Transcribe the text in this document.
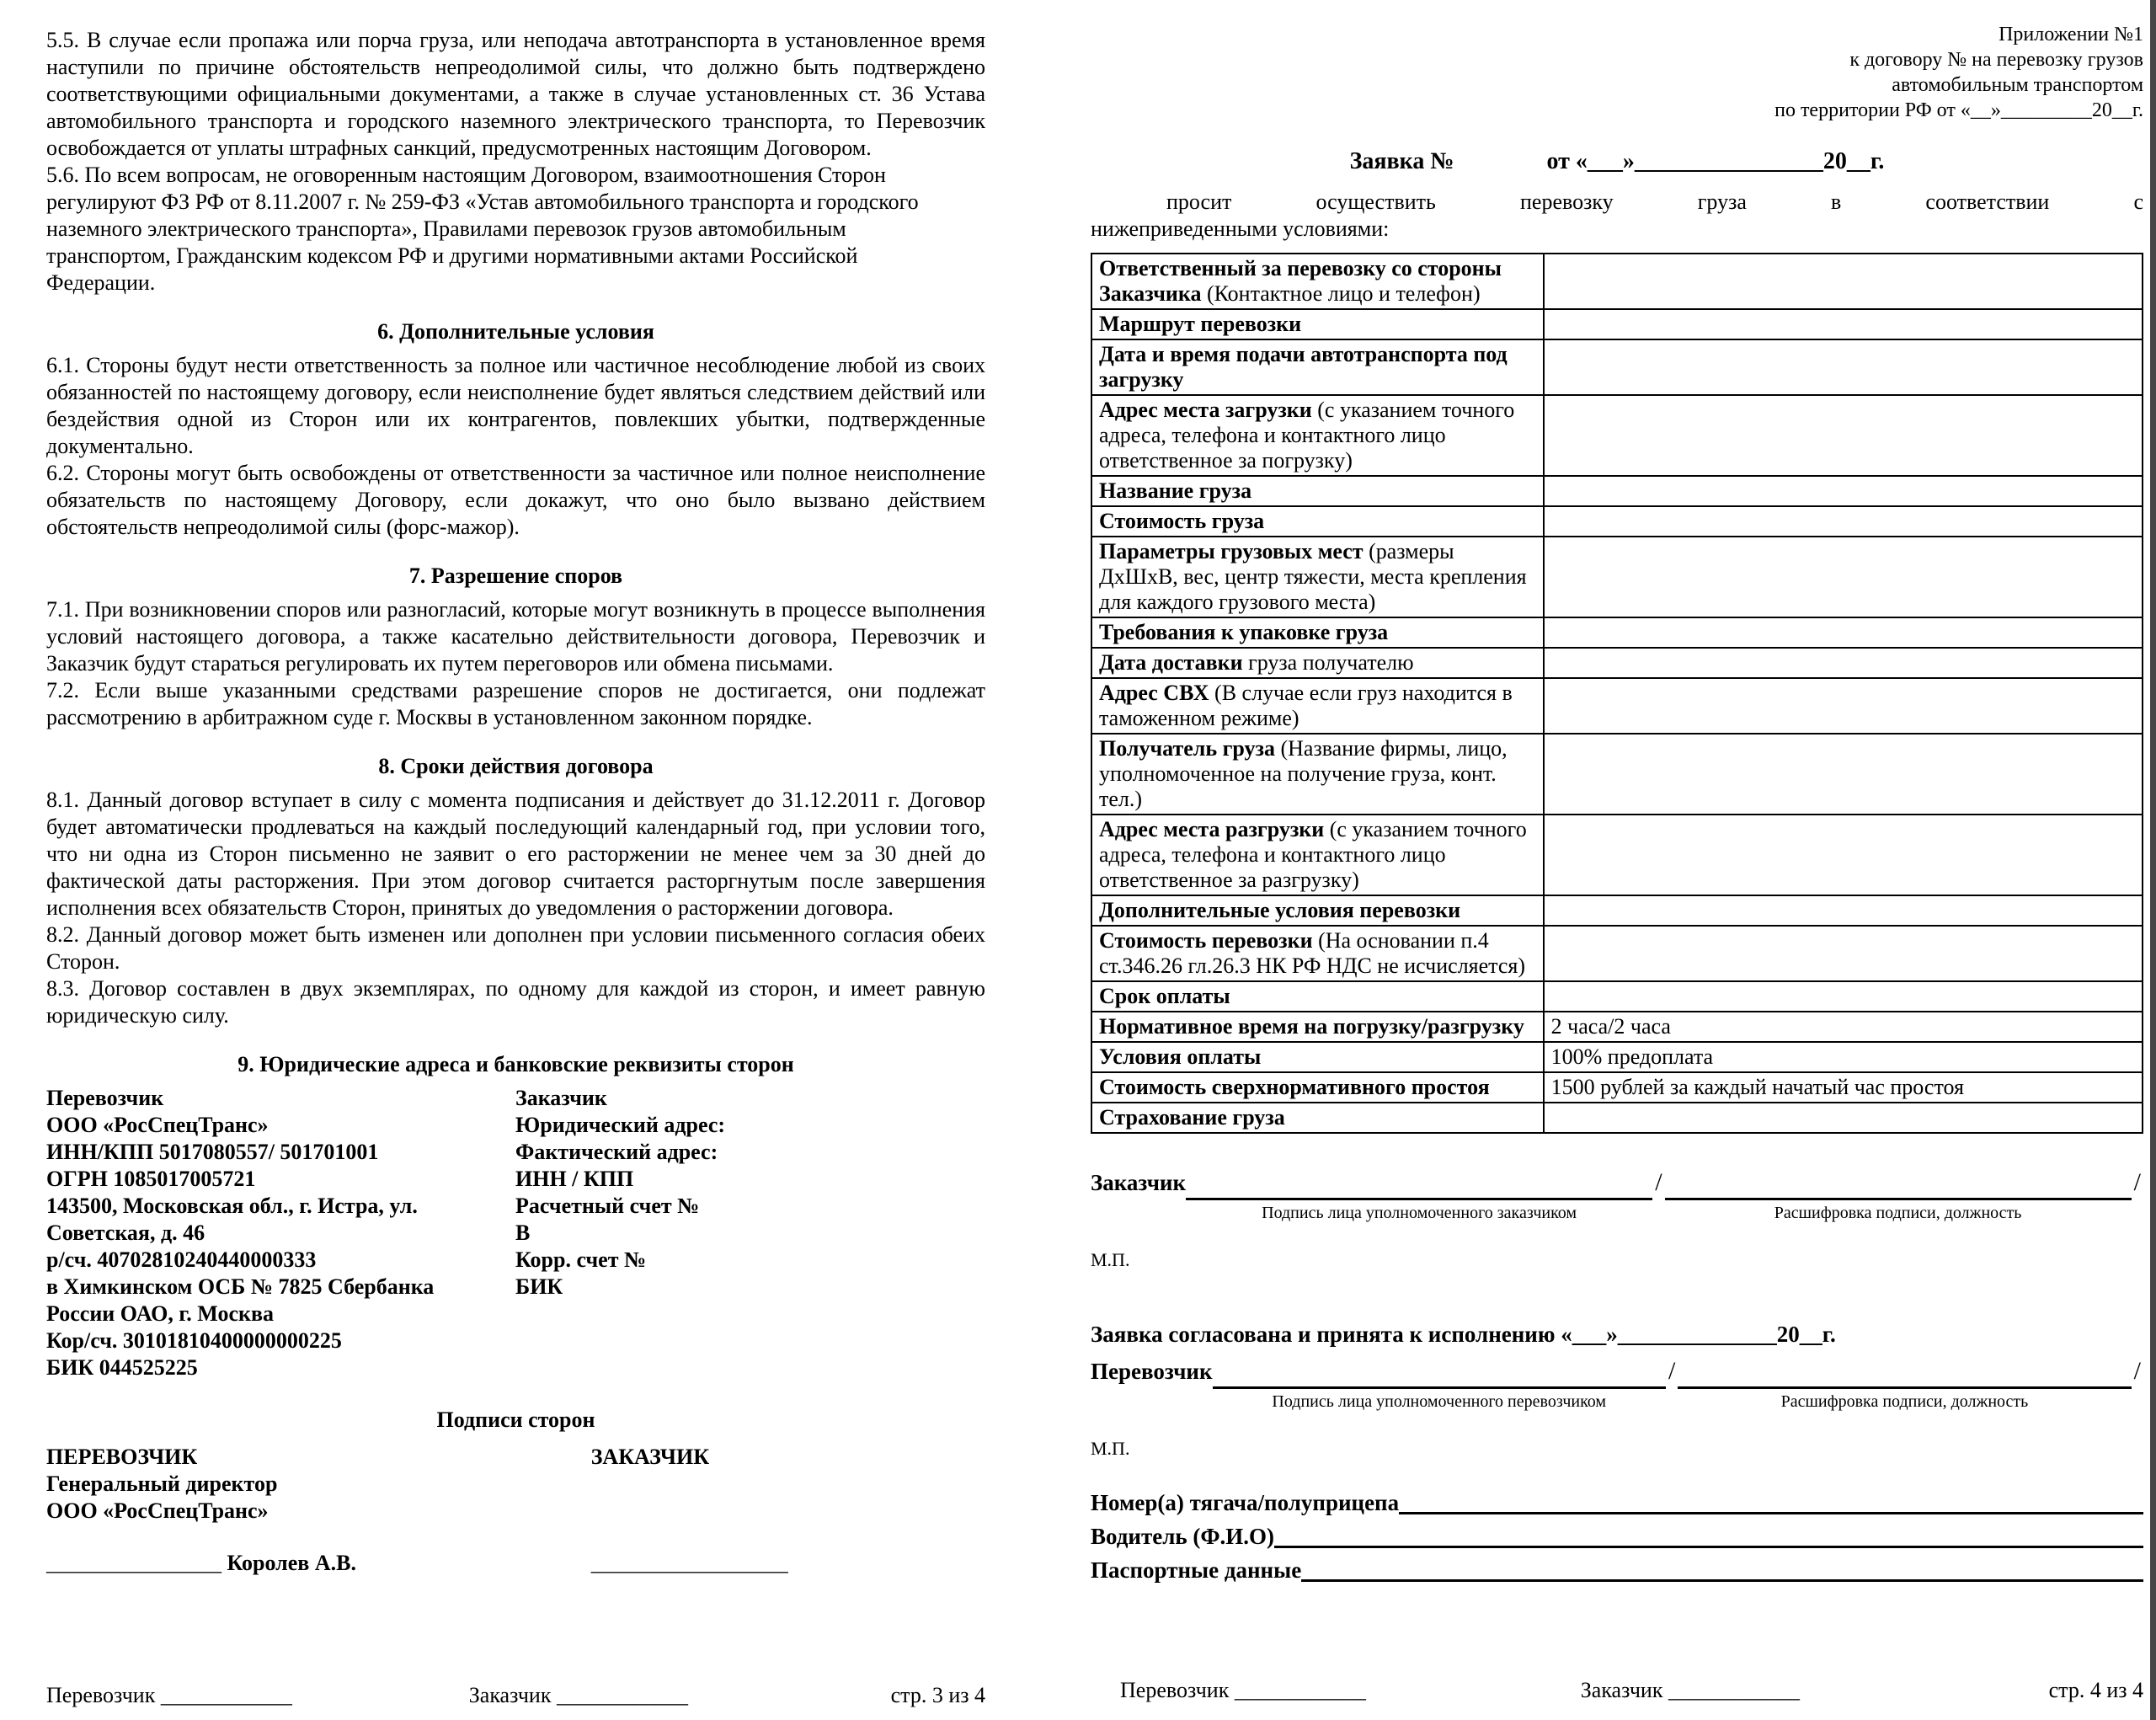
5.5. В случае если пропажа или порча груза, или неподача автотранспорта в установленное время наступили по причине обстоятельств непреодолимой силы, что должно быть подтверждено соответствующими официальными документами, а также в случае установленных ст. 36 Устава автомобильного транспорта и городского наземного электрического транспорта, то Перевозчик освобождается от уплаты штрафных санкций, предусмотренных настоящим Договором.

5.6. По всем вопросам, не оговоренным настоящим Договором, взаимоотношения Сторон регулируют ФЗ РФ от 8.11.2007 г. № 259-ФЗ «Устав автомобильного транспорта и городского наземного электрического транспорта», Правилами перевозок грузов автомобильным транспортом, Гражданским кодексом РФ и другими нормативными актами Российской Федерации.

6. Дополнительные условия

6.1. Стороны будут нести ответственность за полное или частичное несоблюдение любой из своих обязанностей по настоящему договору, если неисполнение будет являться следствием действий или бездействия одной из Сторон или их контрагентов, повлекших убытки, подтвержденные документально.

6.2. Стороны могут быть освобождены от ответственности за частичное или полное неисполнение обязательств по настоящему Договору, если докажут, что оно было вызвано действием обстоятельств непреодолимой силы (форс-мажор).

7. Разрешение споров

7.1. При возникновении споров или разногласий, которые могут возникнуть в процессе выполнения условий настоящего договора, а также касательно действительности договора, Перевозчик и Заказчик будут стараться регулировать их путем переговоров или обмена письмами.

7.2. Если выше указанными средствами разрешение споров не достигается, они подлежат рассмотрению в арбитражном суде г. Москвы в установленном законном порядке.

8. Сроки действия договора

8.1. Данный договор вступает в силу с момента подписания и действует до 31.12.2011 г. Договор будет автоматически продлеваться на каждый последующий календарный год, при условии того, что ни одна из Сторон письменно не заявит о его расторжении не менее чем за 30 дней до фактической даты расторжения. При этом договор считается расторгнутым после завершения исполнения всех обязательств Сторон, принятых до уведомления о расторжении договора.

8.2. Данный договор может быть изменен или дополнен при условии письменного согласия обеих Сторон.

8.3. Договор составлен в двух экземплярах, по одному для каждой из сторон, и имеет равную юридическую силу.

9. Юридические адреса и банковские реквизиты сторон
Перевозчик
ООО «РосСпецТранс»
ИНН/КПП 5017080557/ 501701001
ОГРН 1085017005721
143500, Московская обл., г. Истра, ул. Советская, д. 46
р/сч. 40702810240440000333
в Химкинском ОСБ № 7825 Сбербанка России ОАО, г. Москва
Кор/сч. 30101810400000000225
БИК 044525225
Заказчик
Юридический адрес:
Фактический адрес:
ИНН / КПП
Расчетный счет №
В
Корр. счет №
БИК
Подписи сторон
ПЕРЕВОЗЧИК
Генеральный директор
ООО «РосСпецТранс»
ЗАКАЗЧИК
________________ Королев А.В.	__________________
Перевозчик ____________	Заказчик ____________	стр. 3 из 4
Приложении №1
к договору № на перевозку грузов
автомобильным транспортом
по территории РФ от «__»_________20__г.
Заявка №	от «___»________________20__г.
просит осуществить перевозку груза в соответствии с
нижеприведенными условиями:
Ответственный за перевозку со стороны Заказчика (Контактное лицо и телефон)	
Маршрут перевозки	
Дата и время подачи автотранспорта под загрузку	
Адрес места загрузки (с указанием точного адреса, телефона и контактного лицо ответственное за погрузку)	
Название груза	
Стоимость груза	
Параметры грузовых мест (размеры ДхШхВ, вес, центр тяжести, места крепления для каждого грузового места)	
Требования к упаковке груза	
Дата доставки груза получателю	
Адрес СВХ (В случае если груз находится в таможенном режиме)	
Получатель груза (Название фирмы, лицо, уполномоченное на получение груза, конт. тел.)	
Адрес места разгрузки (с указанием точного адреса, телефона и контактного лицо ответственное за разгрузку)	
Дополнительные условия перевозки	
Стоимость перевозки (На основании п.4 ст.346.26 гл.26.3 НК РФ НДС не исчисляется)	
Срок оплаты	
Нормативное время на погрузку/разгрузку	2 часа/2 часа
Условия оплаты	100% предоплата
Стоимость сверхнормативного простоя	1500 рублей за каждый начатый час простоя
Страхование груза	
Заказчик
Подпись лица уполномоченного заказчиком
/
Расшифровка подписи, должность
/
М.П.
Заявка согласована и принята к исполнению «___»______________20__г.
Перевозчик
Подпись лица уполномоченного перевозчиком
/
Расшифровка подписи, должность
/
М.П.
Номер(а) тягача/полуприцепа
Водитель (Ф.И.О)
Паспортные данные
Перевозчик ____________	Заказчик ____________	стр. 4 из 4
